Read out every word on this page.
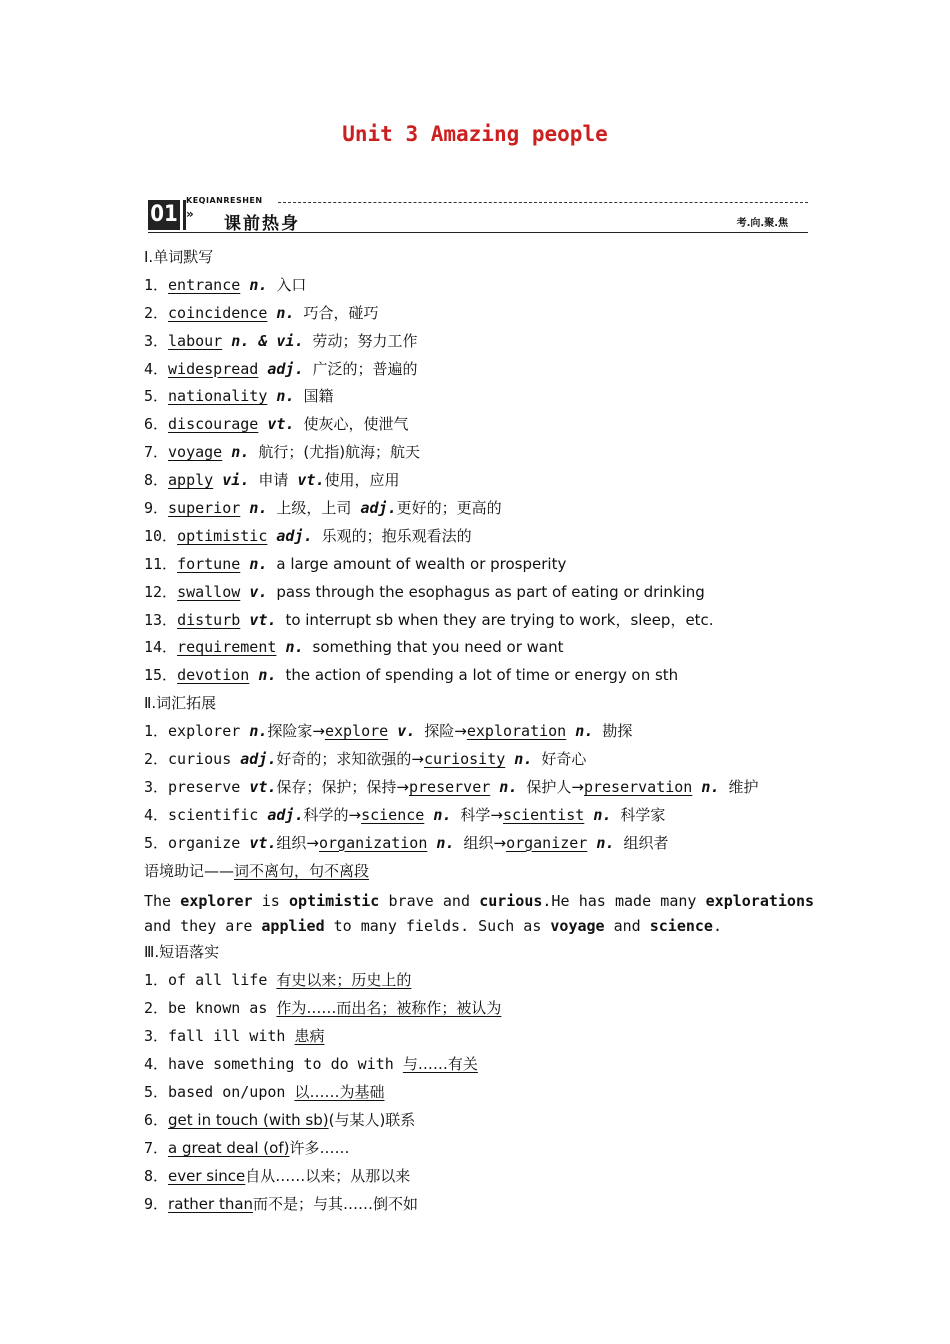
Unit 3 Amazing people
KEQIANRESHEN
01 » 课前热身	考.向.聚.焦
Ⅰ.单词默写
1．entrance n. 入口
2．coincidence n. 巧合，碰巧
3．labour n. & vi. 劳动；努力工作
4．widespread adj. 广泛的；普遍的
5．nationality n. 国籍
6．discourage vt. 使灰心，使泄气
7．voyage n. 航行；(尤指)航海；航天
8．apply vi. 申请 vt.使用，应用
9．superior n. 上级，上司 adj.更好的；更高的
10．optimistic adj. 乐观的；抱乐观看法的
11．fortune n. a large amount of wealth or prosperity
12．swallow v. pass through the esophagus as part of eating or drinking
13．disturb vt. to interrupt sb when they are trying to work，sleep，etc.
14．requirement n. something that you need or want
15．devotion n. the action of spending a lot of time or energy on sth
Ⅱ.词汇拓展
1．explorer n.探险家→explore v. 探险→exploration n. 勘探
2．curious adj.好奇的；求知欲强的→curiosity n. 好奇心
3．preserve vt.保存；保护；保持→preserver n. 保护人→preservation n. 维护
4．scientific adj.科学的→science n. 科学→scientist n. 科学家
5．organize vt.组织→organization n. 组织→organizer n. 组织者
语境助记——词不离句，句不离段
The explorer is optimistic brave and curious.He has made many explorations and they are applied to many fields. Such as voyage and science.
Ⅲ.短语落实
1．of all life 有史以来；历史上的
2．be known as 作为……而出名；被称作；被认为
3．fall ill with 患病
4．have something to do with 与……有关
5．based on/upon 以……为基础
6．get in touch (with sb)(与某人)联系
7．a great deal (of)许多……
8．ever since自从……以来；从那以来
9．rather than而不是；与其……倒不如
